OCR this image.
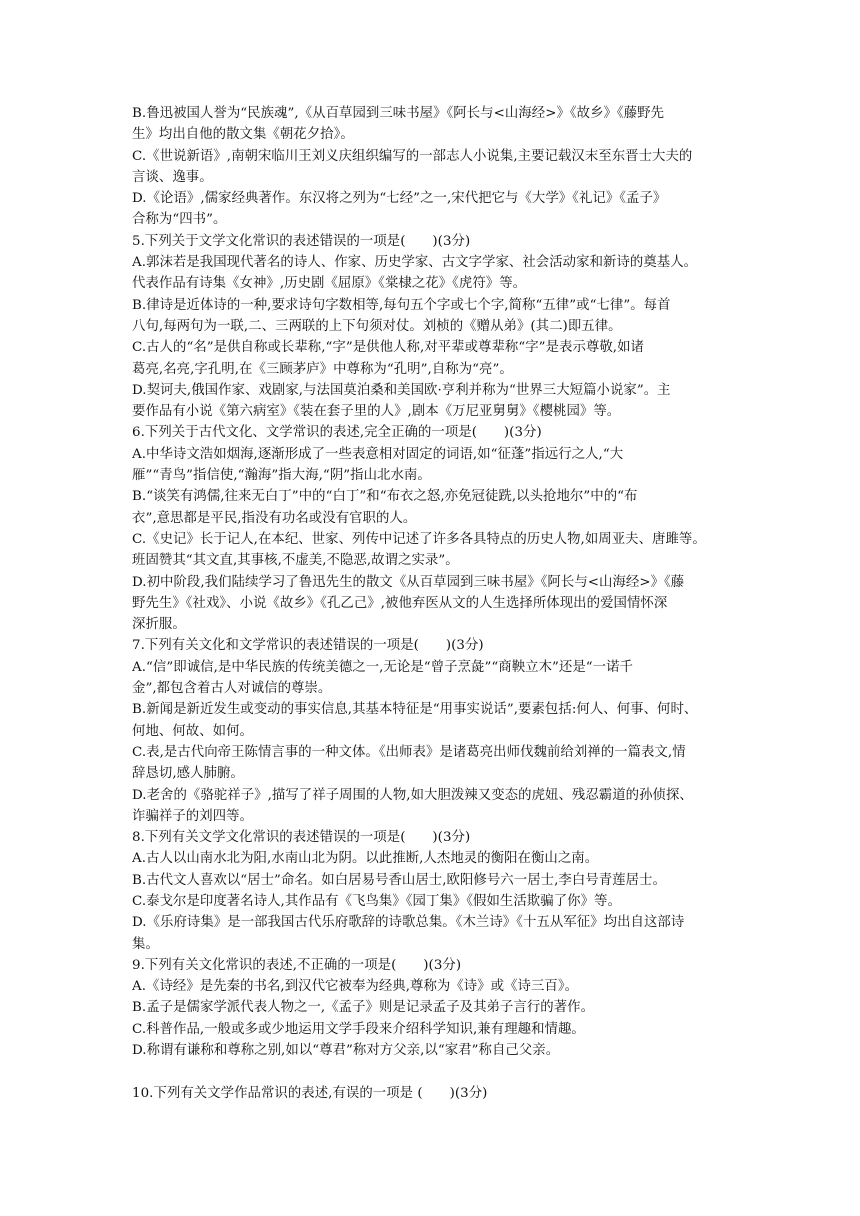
B.鲁迅被国人誉为“民族魂”,《从百草园到三味书屋》《阿长与<山海经>》《故乡》《藤野先
生》均出自他的散文集《朝花夕拾》。
C.《世说新语》,南朝宋临川王刘义庆组织编写的一部志人小说集,主要记载汉末至东晋士大夫的
言谈、逸事。
D.《论语》,儒家经典著作。东汉将之列为“七经”之一,宋代把它与《大学》《礼记》《孟子》
合称为“四书”。
5.下列关于文学文化常识的表述错误的一项是(　　)(3分)
A.郭沫若是我国现代著名的诗人、作家、历史学家、古文字学家、社会活动家和新诗的奠基人。
代表作品有诗集《女神》,历史剧《屈原》《棠棣之花》《虎符》等。
B.律诗是近体诗的一种,要求诗句字数相等,每句五个字或七个字,简称“五律”或“七律”。每首
八句,每两句为一联,二、三两联的上下句须对仗。刘桢的《赠从弟》(其二)即五律。
C.古人的“名”是供自称或长辈称,“字”是供他人称,对平辈或尊辈称“字”是表示尊敬,如诸
葛亮,名亮,字孔明,在《三顾茅庐》中尊称为“孔明”,自称为“亮”。
D.契诃夫,俄国作家、戏剧家,与法国莫泊桑和美国欧·亨利并称为“世界三大短篇小说家”。主
要作品有小说《第六病室》《装在套子里的人》,剧本《万尼亚舅舅》《樱桃园》等。
6.下列关于古代文化、文学常识的表述,完全正确的一项是(　　)(3分)
A.中华诗文浩如烟海,逐渐形成了一些表意相对固定的词语,如“征蓬”指远行之人,“大
雁”“青鸟”指信使,“瀚海”指大海,“阴”指山北水南。
B.“谈笑有鸿儒,往来无白丁”中的“白丁”和“布衣之怒,亦免冠徒跣,以头抢地尔”中的“布
衣”,意思都是平民,指没有功名或没有官职的人。
C.《史记》长于记人,在本纪、世家、列传中记述了许多各具特点的历史人物,如周亚夫、唐雎等。
班固赞其“其文直,其事核,不虚美,不隐恶,故谓之实录”。
D.初中阶段,我们陆续学习了鲁迅先生的散文《从百草园到三味书屋》《阿长与<山海经>》《藤
野先生》《社戏》、小说《故乡》《孔乙己》,被他弃医从文的人生选择所体现出的爱国情怀深
深折服。
7.下列有关文化和文学常识的表述错误的一项是(　　)(3分)
A.“信”即诚信,是中华民族的传统美德之一,无论是“曾子烹彘”“商鞅立木”还是“一诺千
金”,都包含着古人对诚信的尊崇。
B.新闻是新近发生或变动的事实信息,其基本特征是“用事实说话”,要素包括:何人、何事、何时、
何地、何故、如何。
C.表,是古代向帝王陈情言事的一种文体。《出师表》是诸葛亮出师伐魏前给刘禅的一篇表文,情
辞恳切,感人肺腑。
D.老舍的《骆驼祥子》,描写了祥子周围的人物,如大胆泼辣又变态的虎妞、残忍霸道的孙侦探、
诈骗祥子的刘四等。
8.下列有关文学文化常识的表述错误的一项是(　　)(3分)
A.古人以山南水北为阳,水南山北为阴。以此推断,人杰地灵的衡阳在衡山之南。
B.古代文人喜欢以“居士”命名。如白居易号香山居士,欧阳修号六一居士,李白号青莲居士。
C.泰戈尔是印度著名诗人,其作品有《飞鸟集》《园丁集》《假如生活欺骗了你》等。
D.《乐府诗集》是一部我国古代乐府歌辞的诗歌总集。《木兰诗》《十五从军征》均出自这部诗
集。
9.下列有关文化常识的表述,不正确的一项是(　　)(3分)
A.《诗经》是先秦的书名,到汉代它被奉为经典,尊称为《诗》或《诗三百》。
B.孟子是儒家学派代表人物之一,《孟子》则是记录孟子及其弟子言行的著作。
C.科普作品,一般或多或少地运用文学手段来介绍科学知识,兼有理趣和情趣。
D.称谓有谦称和尊称之别,如以“尊君”称对方父亲,以“家君”称自己父亲。
10.下列有关文学作品常识的表述,有误的一项是 (　　)(3分)
